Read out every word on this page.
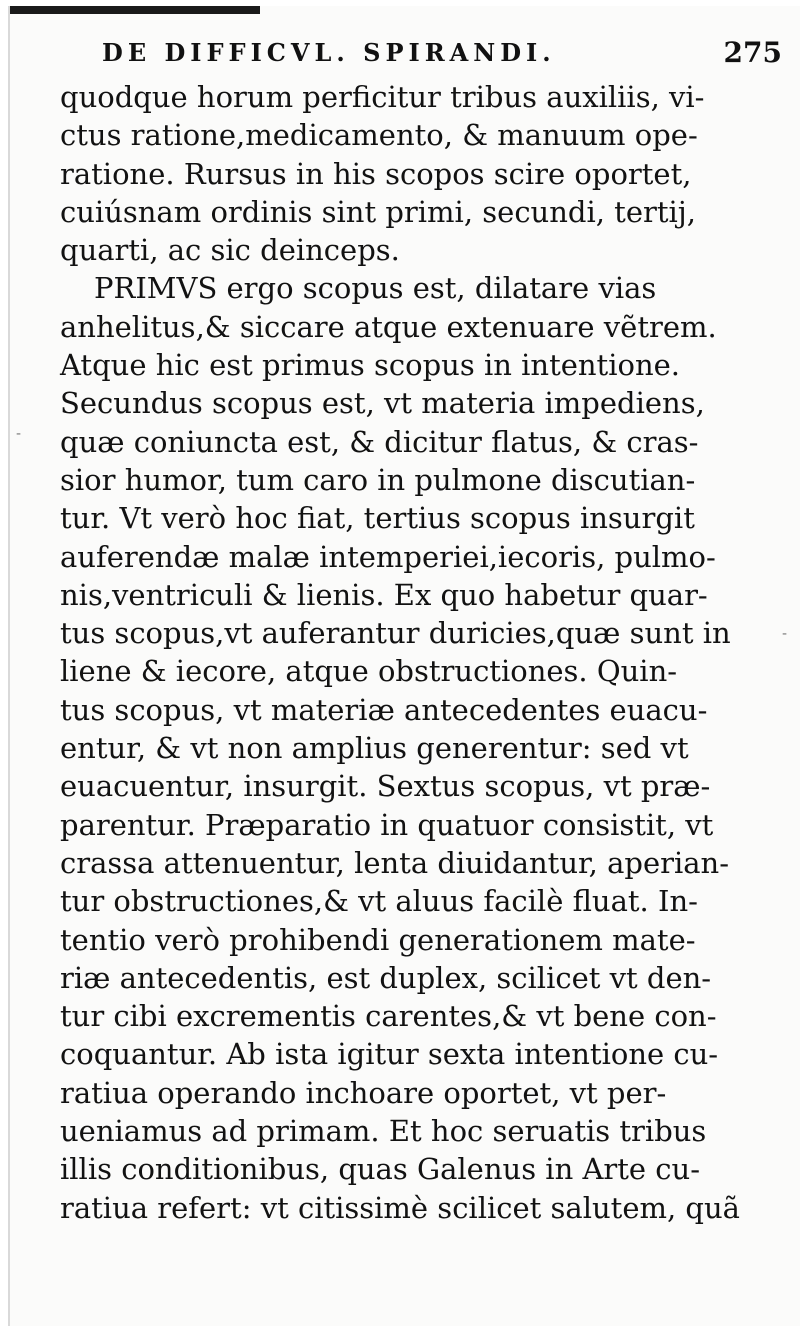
DE DIFFICVL. SPIRANDI.	275
quodque horum perficitur tribus auxiliis, vi-
ctus ratione,medicamento, & manuum ope-
ratione. Rursus in his scopos scire oportet,
cuiúsnam ordinis sint primi, secundi, tertij,
quarti, ac sic deinceps.
PRIMVS ergo scopus est, dilatare vias
anhelitus,& siccare atque extenuare vẽtrem.
Atque hic est primus scopus in intentione.
Secundus scopus est, vt materia impediens,
quæ coniuncta est, & dicitur flatus, & cras-
sior humor, tum caro in pulmone discutian-
tur. Vt verò hoc fiat, tertius scopus insurgit
auferendæ malæ intemperiei,iecoris, pulmo-
nis,ventriculi & lienis. Ex quo habetur quar-
tus scopus,vt auferantur duricies,quæ sunt in
liene & iecore, atque obstructiones. Quin-
tus scopus, vt materiæ antecedentes euacu-
entur, & vt non amplius generentur: sed vt
euacuentur, insurgit. Sextus scopus, vt præ-
parentur. Præparatio in quatuor consistit, vt
crassa attenuentur, lenta diuidantur, aperian-
tur obstructiones,& vt aluus facilè fluat. In-
tentio verò prohibendi generationem mate-
riæ antecedentis, est duplex, scilicet vt den-
tur cibi excrementis carentes,& vt bene con-
coquantur. Ab ista igitur sexta intentione cu-
ratiua operando inchoare oportet, vt per-
ueniamus ad primam. Et hoc seruatis tribus
illis conditionibus, quas Galenus in Arte cu-
ratiua refert: vt citissimè scilicet salutem, quã
-
-
